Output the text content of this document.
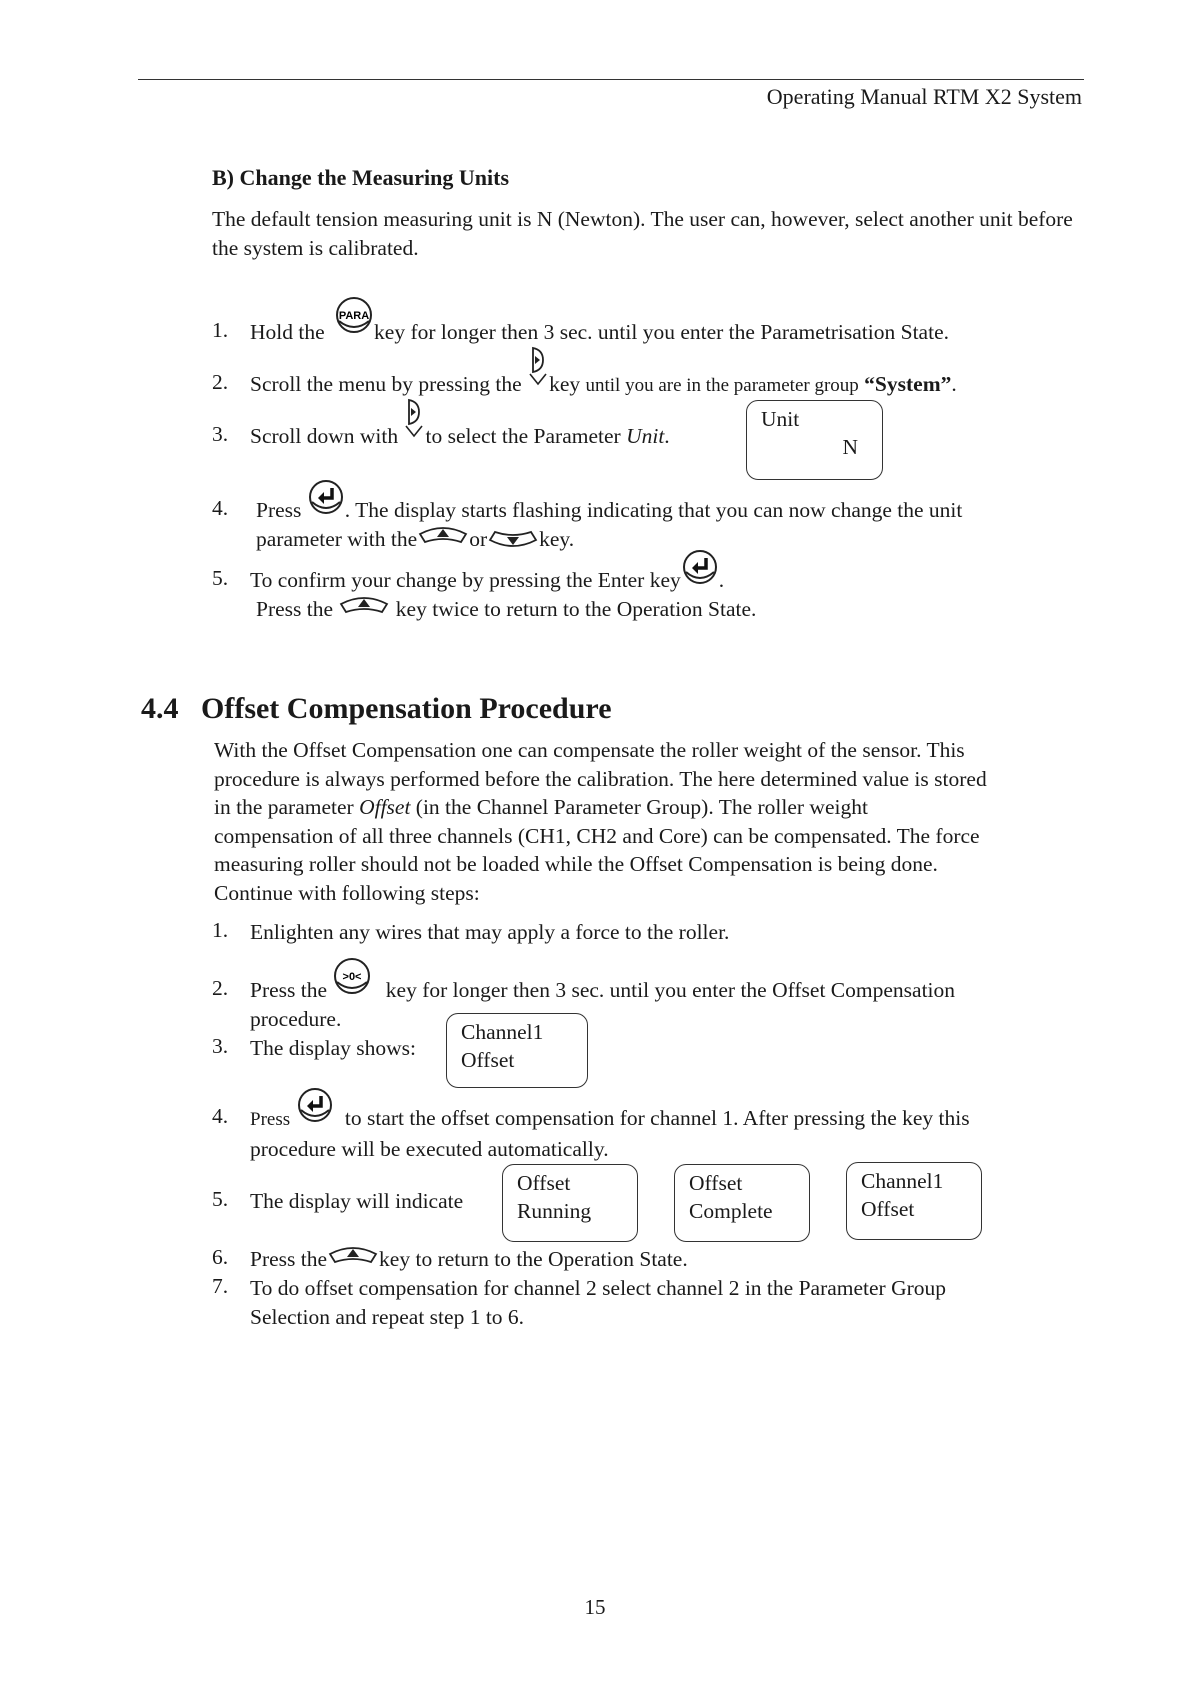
Operating Manual RTM X2 System
B) Change the Measuring Units
The default tension measuring unit is N (Newton). The user can, however, select another unit before the system is calibrated.
1. Hold the
PARA
key for longer then 3 sec. until you enter the Parametrisation State.
2. Scroll the menu by pressing the key until you are in the parameter group “System”.
3. Scroll down with to select the Parameter Unit.
Unit
N
4. Press . The display starts flashing indicating that you can now change the unit
parameter with the or key.
5. To confirm your change by pressing the Enter key .
Press the	key twice to return to the Operation State.
4.4 Offset Compensation Procedure
With the Offset Compensation one can compensate the roller weight of the sensor. This
procedure is always performed before the calibration. The here determined value is stored
in the parameter Offset (in the Channel Parameter Group). The roller weight
compensation of all three channels (CH1, CH2 and Core) can be compensated. The force
measuring roller should not be loaded while the Offset Compensation is being done.
Continue with following steps:
1. Enlighten any wires that may apply a force to the roller.
2. Press the
>0<
key for longer then 3 sec. until you enter the Offset Compensation
procedure.
3. The display shows:
Channel1
Offset
4. Press	to start the offset compensation for channel 1. After pressing the key this
procedure will be executed automatically.
5. The display will indicate
Offset
Running
Offset
Complete
Channel1
Offset
6. Press the key to return to the Operation State.
7. To do offset compensation for channel 2 select channel 2 in the Parameter Group
Selection and repeat step 1 to 6.
15
